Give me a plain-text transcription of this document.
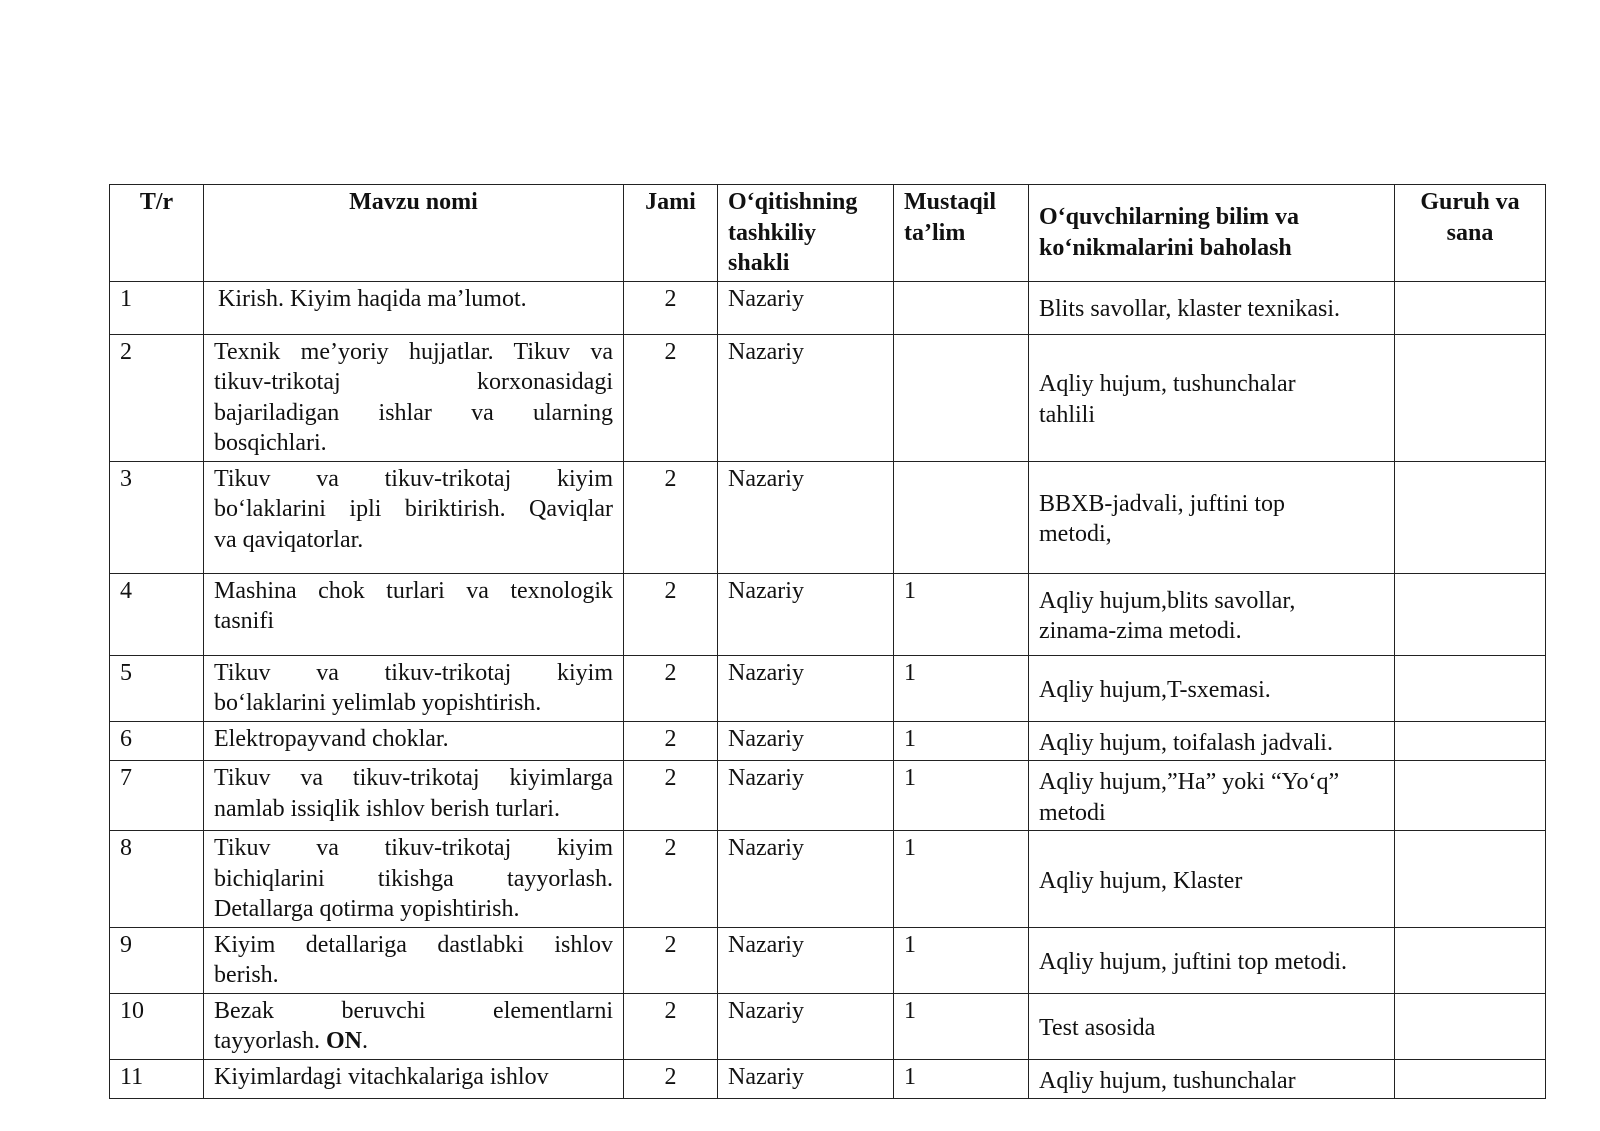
T/r	Mavzu nomi	Jami	O‘qitishning
tashkiliy
shakli	Mustaqil
ta’lim	O‘quvchilarning bilim va
ko‘nikmalarini baholash	Guruh va
sana

1	Kirish. Kiyim haqida ma’lumot.	2	Nazariy		Blits savollar, klaster texnikasi.	

2	Texnik me’yoriy hujjatlar. Tikuv va
tikuv-trikotaj korxonasidagi
bajariladigan ishlar va ularning
bosqichlari.	2	Nazariy		Aqliy hujum, tushunchalar
tahlili	

3	Tikuv va tikuv-trikotaj kiyim
bo‘laklarini ipli biriktirish. Qaviqlar
va qaviqatorlar.	2	Nazariy		BBXB-jadvali, juftini top
metodi,	

4	Mashina chok turlari va texnologik
tasnifi	2	Nazariy	1	Aqliy hujum,blits savollar,
zinama-zima metodi.	

5	Tikuv va tikuv-trikotaj kiyim
bo‘laklarini yelimlab yopishtirish.	2	Nazariy	1	Aqliy hujum,T-sxemasi.	

6	Elektropayvand choklar.	2	Nazariy	1	Aqliy hujum, toifalash jadvali.	

7	Tikuv va tikuv-trikotaj kiyimlarga
namlab issiqlik ishlov berish turlari.	2	Nazariy	1	Aqliy hujum,”Ha” yoki “Yo‘q”
metodi	

8	Tikuv va tikuv-trikotaj kiyim
bichiqlarini tikishga tayyorlash.
Detallarga qotirma yopishtirish.	2	Nazariy	1	Aqliy hujum, Klaster	

9	Kiyim detallariga dastlabki ishlov
berish.	2	Nazariy	1	Aqliy hujum, juftini top metodi.	

10	Bezak beruvchi elementlarni
tayyorlash. ON.	2	Nazariy	1	Test asosida	

11	Kiyimlardagi vitachkalariga ishlov	2	Nazariy	1	Aqliy hujum, tushunchalar	
